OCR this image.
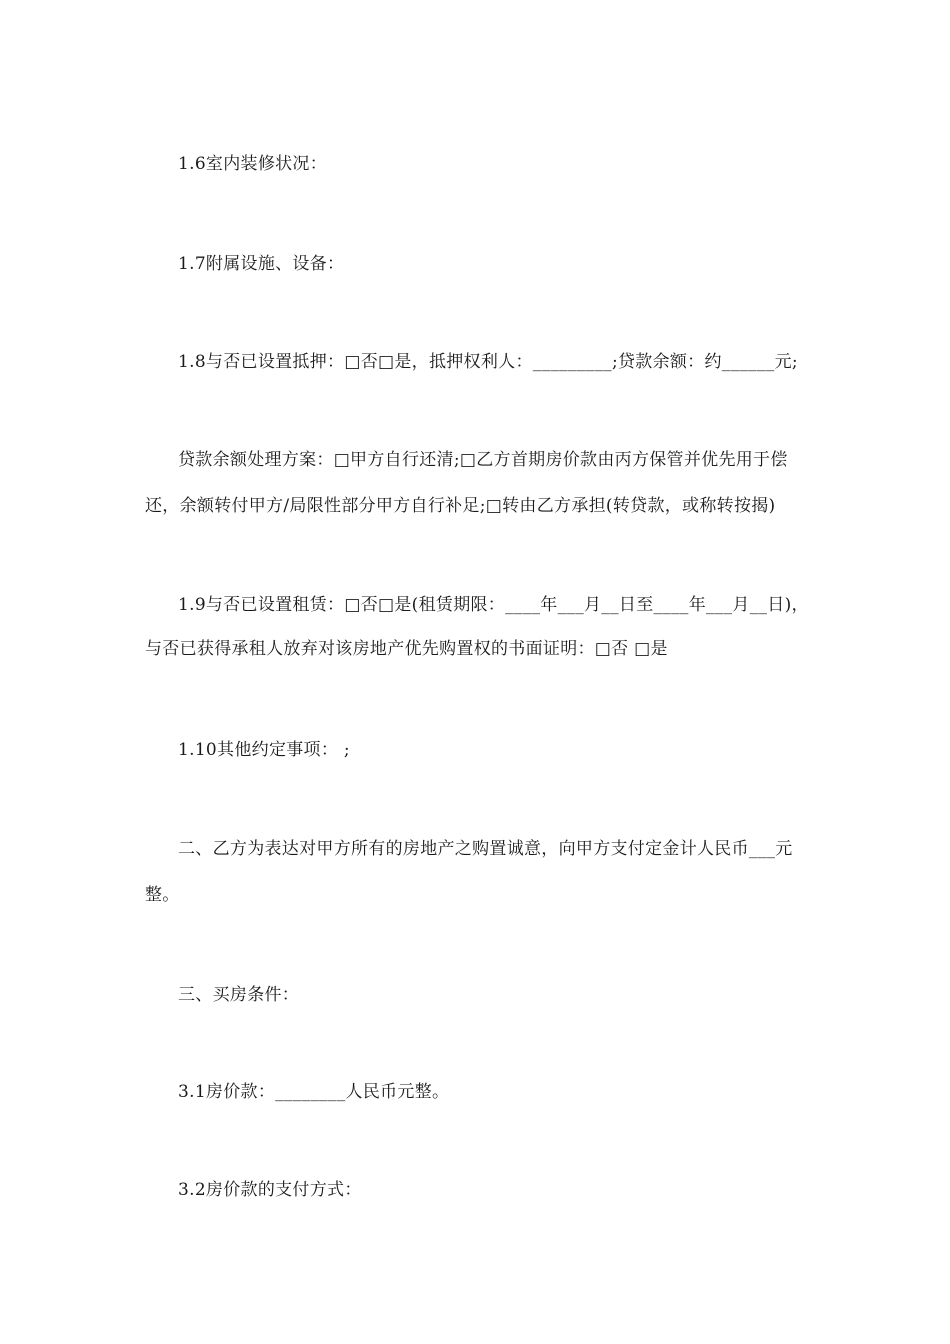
1.6室内装修状况：
1.7附属设施、设备：
1.8与否已设置抵押：□否□是，抵押权利人：_________;贷款余额：约______元;
贷款余额处理方案：□甲方自行还清;□乙方首期房价款由丙方保管并优先用于偿
还，余额转付甲方/局限性部分甲方自行补足;□转由乙方承担(转贷款，或称转按揭)
1.9与否已设置租赁：□否□是(租赁期限：____年___月__日至____年___月__日)，
与否已获得承租人放弃对该房地产优先购置权的书面证明：□否 □是
1.10其他约定事项： ;
二、乙方为表达对甲方所有的房地产之购置诚意，向甲方支付定金计人民币___元
整。
三、买房条件：
3.1房价款：________人民币元整。
3.2房价款的支付方式：
